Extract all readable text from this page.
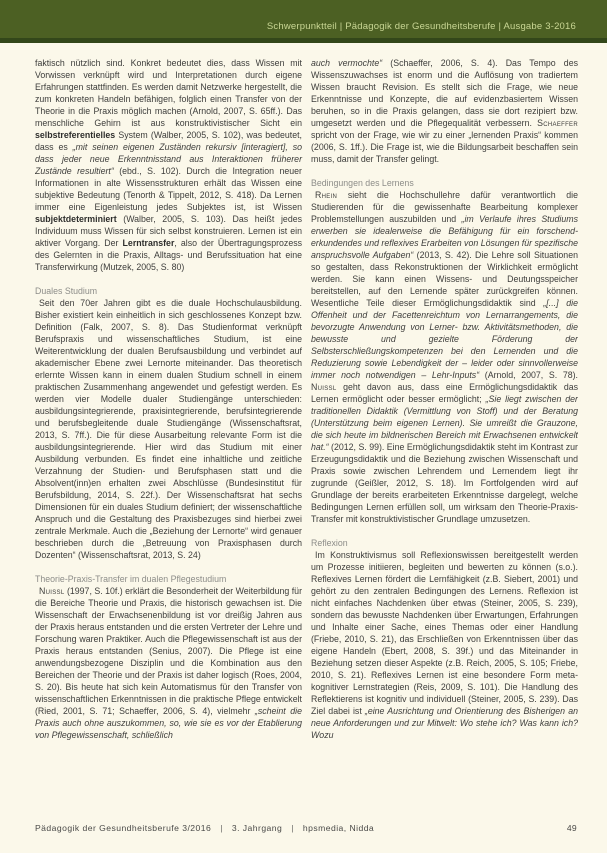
Schwerpunktteil | Pädagogik der Gesundheitsberufe | Ausgabe 3-2016

faktisch nützlich sind. Konkret bedeutet dies, dass Wissen mit Vorwissen verknüpft wird und Interpretationen durch eigene Erfahrungen stattfinden. Es werden damit Netzwerke hergestellt, die zum konkreten Handeln befähigen, folglich einen Transfer von der Theorie in die Praxis möglich machen (Arnold, 2007, S. 65ff.). Das menschliche Gehirn ist aus konstruktivistischer Sicht ein selbstreferentielles System (Walber, 2005, S. 102), was bedeutet, dass es „mit seinen eigenen Zuständen rekursiv [interagiert], so dass jeder neue Erkenntnisstand aus Interaktionen früherer Zustände resultiert“ (ebd., S. 102). Durch die Integration neuer Informationen in alte Wissensstrukturen erhält das Wissen eine subjektive Bedeutung (Tenorth & Tippelt, 2012, S. 418). Da Lernen immer eine Eigenleistung jedes Subjektes ist, ist Wissen subjektdeterminiert (Walber, 2005, S. 103). Das heißt jedes Individuum muss Wissen für sich selbst konstruieren. Lernen ist ein aktiver Vorgang. Der Lerntransfer, also der Übertragungsprozess des Gelernten in die Praxis, Alltags- und Berufssituation hat eine Transferwirkung (Mutzek, 2005, S. 80)

Duales Studium

Seit den 70er Jahren gibt es die duale Hochschulausbildung. Bisher existiert kein einheitlich in sich geschlossenes Konzept bzw. Definition (Falk, 2007, S. 8). Das Studienformat verknüpft Berufspraxis und wissenschaftliches Studium, ist eine Weiterentwicklung der dualen Berufsausbildung und verbindet auf akademischer Ebene zwei Lernorte miteinander. Das theoretisch erlernte Wissen kann in einem dualen Studium schnell in einem praktischen Zusammenhang angewendet und gefestigt werden. Es werden vier Modelle dualer Studiengänge unterschieden: ausbildungsintegrierende, praxisintegrierende, berufsintegrierende und berufsbegleitende duale Studiengänge (Wissenschaftsrat, 2013, S. 7ff.). Die für diese Ausarbeitung relevante Form ist die ausbildungsintegrierende. Hier wird das Studium mit einer Ausbildung verbunden. Es findet eine inhaltliche und zeitliche Verzahnung der Studien- und Berufsphasen statt und die Absolvent(inn)en erhalten zwei Abschlüsse (Bundesinstitut für Berufsbildung, 2014, S. 22f.). Der Wissenschaftsrat hat sechs Dimensionen für ein duales Studium definiert; der wissenschaftliche Anspruch und die Gestaltung des Praxisbezuges sind hierbei zwei zentrale Merkmale. Auch die „Beziehung der Lernorte“ wird genauer beschrieben durch die „Betreuung von Praxisphasen durch Dozenten“ (Wissenschaftsrat, 2013, S. 24)

Theorie-Praxis-Transfer im dualen Pflegestudium

Nuissl (1997, S. 10f.) erklärt die Besonderheit der Weiterbildung für die Bereiche Theorie und Praxis, die historisch gewachsen ist. Die Wissenschaft der Erwachsenenbildung ist vor dreißig Jahren aus der Praxis heraus entstanden und die ersten Vertreter der Lehre und Forschung waren Praktiker. Auch die Pflegewissenschaft ist aus der Praxis heraus entstanden (Senius, 2007). Die Pflege ist eine anwendungsbezogene Disziplin und die Kombination aus den Bereichen der Theorie und der Praxis ist daher logisch (Roes, 2004, S. 20). Bis heute hat sich kein Automatismus für den Transfer von wissenschaftlichen Erkenntnissen in die praktische Pflege entwickelt (Ried, 2001, S. 71; Schaeffer, 2006, S. 4), vielmehr „scheint die Praxis auch ohne auszukommen, so, wie sie es vor der Etablierung von Pflegewissenschaft, schließlich

auch vermochte“ (Schaeffer, 2006, S. 4). Das Tempo des Wissenszuwachses ist enorm und die Auflösung von tradiertem Wissen braucht Revision. Es stellt sich die Frage, wie neue Erkenntnisse und Konzepte, die auf evidenzbasiertem Wissen beruhen, so in die Praxis gelangen, dass sie dort rezipiert bzw. umgesetzt werden und die Pflegequalität verbessern. Schaeffer spricht von der Frage, wie wir zu einer „lernenden Praxis“ kommen (2006, S. 1ff.). Die Frage ist, wie die Bildungsarbeit beschaffen sein muss, damit der Transfer gelingt.

Bedingungen des Lernens

Rhein sieht die Hochschullehre dafür verantwortlich die Studierenden für die gewissenhafte Bearbeitung komplexer Problemstellungen auszubilden und „im Verlaufe ihres Studiums erwerben sie idealerweise die Befähigung für ein forschend-erkundendes und reflexives Erarbeiten von Lösungen für spezifische anspruchsvolle Aufgaben“ (2013, S. 42). Die Lehre soll Situationen so gestalten, dass Rekonstruktionen der Wirklichkeit ermöglicht werden. Sie kann einen Wissens- und Deutungsspeicher bereitstellen, auf den Lernende später zurückgreifen können. Wesentliche Teile dieser Ermöglichungsdidaktik sind „[...] die Offenheit und der Facettenreichtum von Lernarrangements, die bevorzugte Anwendung von Lerner- bzw. Aktivitätsmethoden, die bewusste und gezielte Förderung der Selbsterschließungskompetenzen bei den Lernenden und die Reduzierung sowie Lebendigkeit der – leider oder sinnvollerweise immer noch notwendigen – Lehr-Inputs“ (Arnold, 2007, S. 78). Nuissl geht davon aus, dass eine Ermöglichungsdidaktik das Lernen ermöglicht oder besser ermöglicht; „Sie liegt zwischen der traditionellen Didaktik (Vermittlung von Stoff) und der Beratung (Unterstützung beim eigenen Lernen). Sie umreißt die Grauzone, die sich heute im bildnerischen Bereich mit Erwachsenen entwickelt hat.“ (2012, S. 99). Eine Ermöglichungsdidaktik steht im Kontrast zur Erzeugungsdidaktik und die Beziehung zwischen Wissenschaft und Praxis sowie zwischen Lehrendem und Lernendem liegt ihr zugrunde (Geißler, 2012, S. 18). Im Fortfolgenden wird auf Grundlage der bereits erarbeiteten Erkenntnisse dargelegt, welche Bedingungen Lernen erfüllen soll, um wirksam den Theorie-Praxis-Transfer mit konstruktivistischer Grundlage umzusetzen.

Reflexion

Im Konstruktivismus soll Reflexionswissen bereitgestellt werden um Prozesse initiieren, begleiten und bewerten zu können (s.o.). Reflexives Lernen fördert die Lernfähigkeit (z.B. Siebert, 2001) und gehört zu den zentralen Bedingungen des Lernens. Reflexion ist nicht einfaches Nachdenken über etwas (Steiner, 2005, S. 239), sondern das bewusste Nachdenken über Erwartungen, Erfahrungen und Inhalte einer Sache, eines Themas oder einer Handlung (Friebe, 2010, S. 21), das Erschließen von Erkenntnissen über das eigene Handeln (Ebert, 2008, S. 39f.) und das Miteinander in Beziehung setzen dieser Aspekte (z.B. Reich, 2005, S. 105; Friebe, 2010, S. 21). Reflexives Lernen ist eine besondere Form meta-kognitiver Lernstrategien (Reis, 2009, S. 101). Die Handlung des Reflektierens ist kognitiv und individuell (Steiner, 2005, S. 239). Das Ziel dabei ist „eine Ausrichtung und Orientierung des Bisherigen an neue Anforderungen und zur Mitwelt: Wo stehe ich? Was kann ich? Wozu

Pädagogik der Gesundheitsberufe 3/2016 | 3. Jahrgang | hpsmedia, Nidda	49
